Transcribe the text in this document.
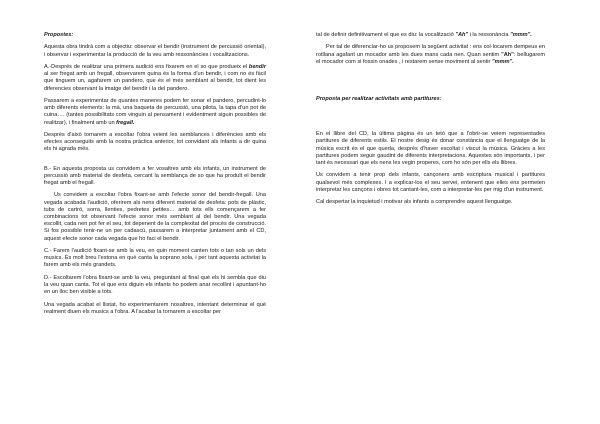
Propostes:

Aquesta obra tindrà com a objectiu: observar el bendir (instrument de percussió oriental), i observar i experimentar la producció de la veu amb ressonàncies i vocalitzacions.

A.-Després de realitzar una primera audició ens fixarem en el so que produeix el bendir al ser fregat amb un fregall, observarem quina és la forma d'un bendir, i com no és fàcil que tinguem un, agafarem un pandero, que és el més semblant al bendir, tot dient les diferencies observant la imatge del bendir i la del pandero.

Passarem a experimentar de quantes maneres podem fer sonar el pandero, percudint-lo amb diferents elements: la mà, una baqueta de percussió, una pilota, la tapa d'un pot de cuina…. (tantes possibilitats com vinguin al pensament i evidentment siguin possibles de realitzar), i finalment amb un fregall.

Després d'això tornarem a escoltar l'obra veient les semblances i diferències amb els efectes aconseguits amb la nostra pràctica anterior, tot convidant als infants a dir quina els hi agrada més.

B.- En aquesta proposta us convidem a fer vosaltres amb els infants, un instrument de percussió amb material de desfeta, cercant la semblança de so que ha produït el bendir fregat amb el fregall.

Us convidem a escoltar l'obra fixant-se amb l'efecte sonor del bendir-fregall. Una vegada acabada l'audició, oferirem als nens diferent material de desfeta: pots de plàstic, tubs de cartró, sorra, llenties, pedretes petites… amb tots ells començarem a fer combinacions tot observant l'efecte sonor més semblant al del bendir. Una vegada escollit, cada nen pot fer el seu, tot depenent de la complexitat del procés de construcció. Si fos possible tenir-ne un per cadascú, passarem a interpretar juntament amb el CD, aquest efecte sonor cada vegada que ho faci el bendir.

C.- Farem l'audició fixant-se amb la veu, en quin moment canten tots o tan sols un dels musics. És molt breu l'estona en què canta la soprano sola, i per tant aquesta activitat la farem amb els més grandets.

D.- Escoltarem l'obra fixant-se amb la veu, preguntant al final què els hi sembla que diu la veu quan canta. Tot el que ens diguin els infants ho podem anar recollint i apuntant-ho en un lloc ben visible a tots.

Una vegada acabat el llistat, ho experimentarem nosaltres, intentant determinar el què realment diuen els musics a l'obra. A l'acabar la tornarem a escoltar per

tal de definir definitivament el que es diu: la vocalització "Ah" i la ressonància "mmm".

Per tal de diferenciar-ho us proposem la següent activitat : ens col·locarem dempeus en rotllana agafant un mocador amb les dues mans cada nen. Quan sentim "Ah": bellugarem el mocador com si fossin onades , i restarem sense moviment al sentir "mmm".

Proposta per realitzar activitats amb partitures:

En el llibre del CD, la última pàgina és un tetó que a l'obrir-se veiem representades partitures de diferents estils. El nostre desig és donar constància que el llenguatge de la música escrit és el que queda, després d'haver escoltat i viscut la música. Gràcies a les partitures podem seguir gaudint de diferents interpretacions. Aquestes són importants, i per tant és necessari que els nens les vegin properes, com ho són per ells els llibres.

Us convidem a tenir prop dels infants, cançoners amb escriptura musical i partitures qualsevol més complexes. I a explicar-los el seu servei, entenent que elles ens permeten interpretar les cançons i obres tot cantant-les, com a interpretar-les per mig d'un instrument.

Cal despertar la inquietud i motivar als infants a comprendre aquest llenguatge.
